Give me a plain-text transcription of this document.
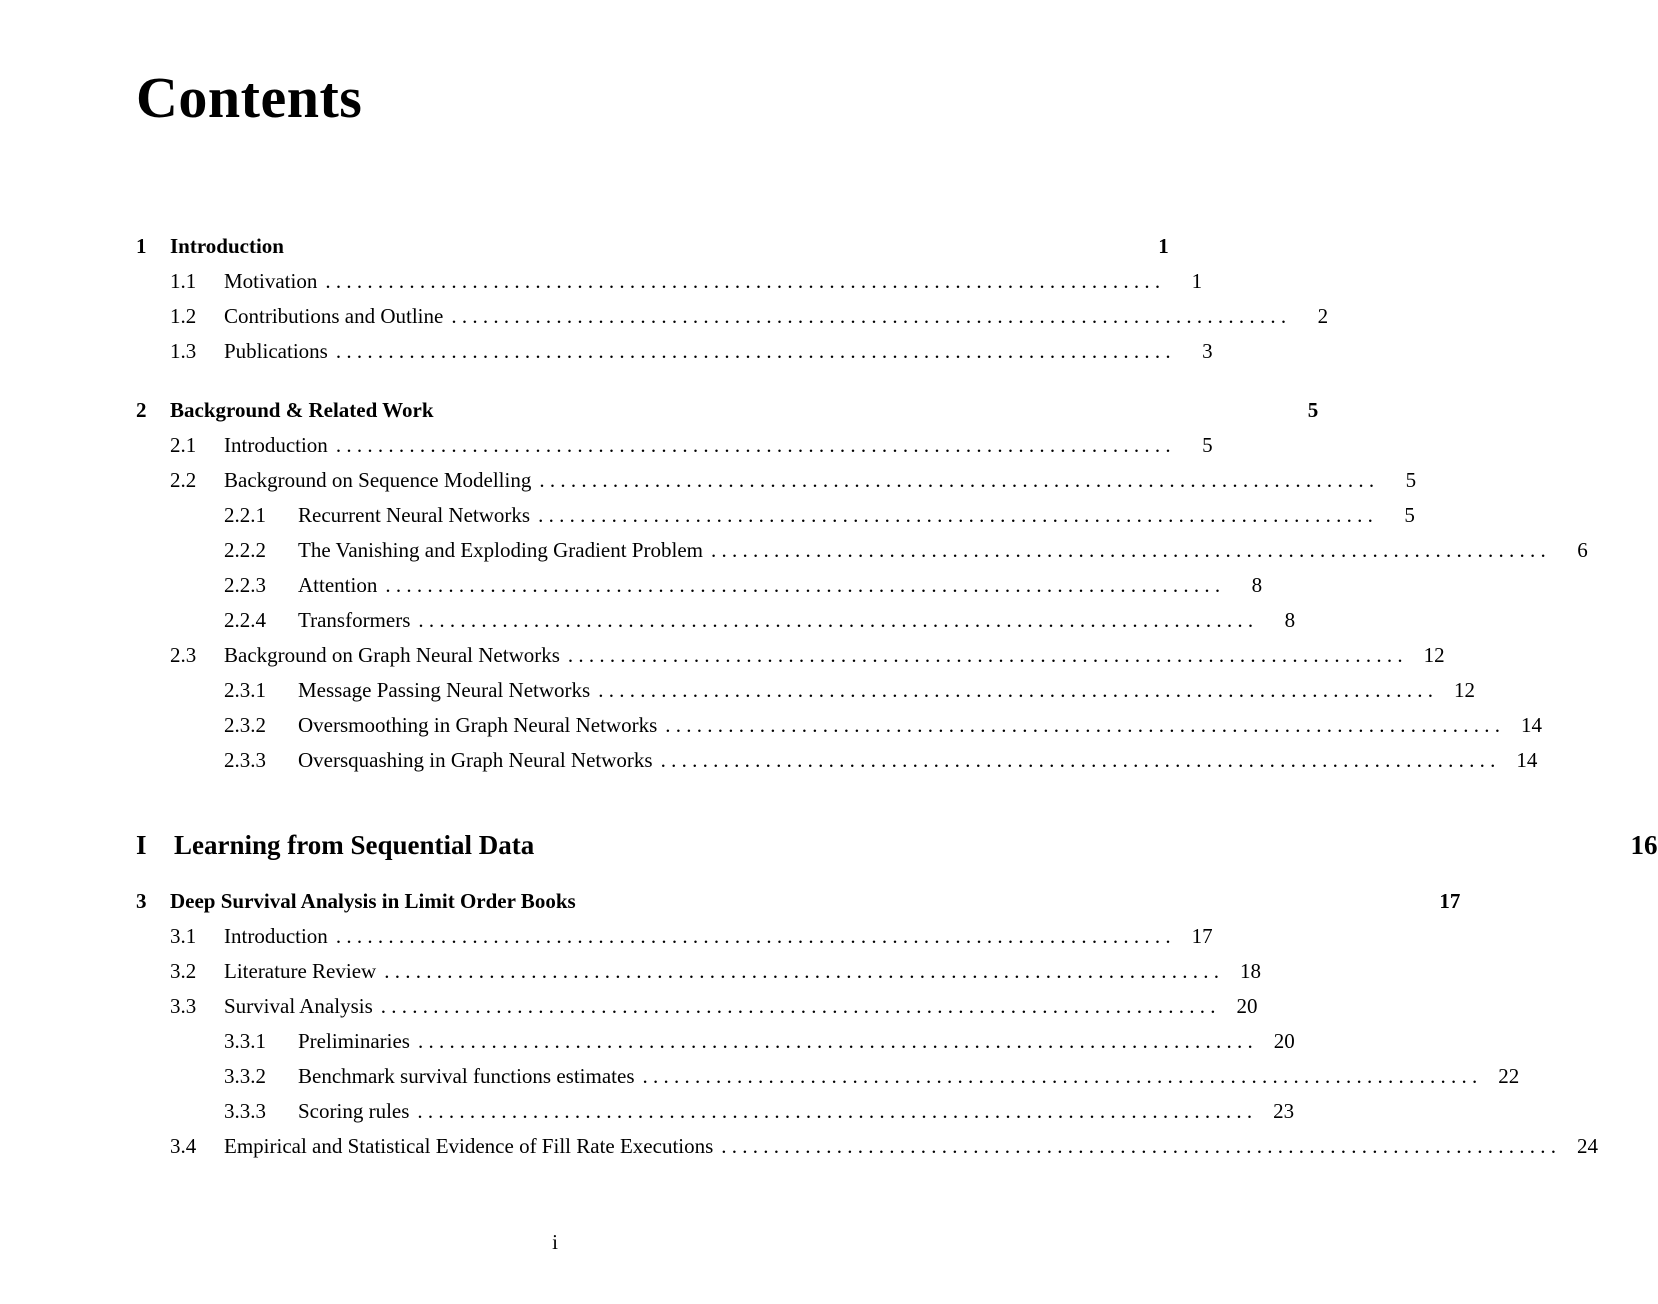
Contents
1	Introduction	1
1.1	Motivation . . . . . . . . . . . . . . . . . . . . . . . . . . . . . . . . . . . . . . . . . . . . . . . . . . . . . . . . . . . . . . . . . . . . . . . . . . . . . . . .	1
1.2	Contributions and Outline . . . . . . . . . . . . . . . . . . . . . . . . . . . . . . . . . . . . . . . . . . . . . . . . . . . . . . . . . . . . . . . . . . . . . . . . . . . . . . . .	2
1.3	Publications . . . . . . . . . . . . . . . . . . . . . . . . . . . . . . . . . . . . . . . . . . . . . . . . . . . . . . . . . . . . . . . . . . . . . . . . . . . . . . . .	3
2	Background & Related Work	5
2.1	Introduction . . . . . . . . . . . . . . . . . . . . . . . . . . . . . . . . . . . . . . . . . . . . . . . . . . . . . . . . . . . . . . . . . . . . . . . . . . . . . . . .	5
2.2	Background on Sequence Modelling . . . . . . . . . . . . . . . . . . . . . . . . . . . . . . . . . . . . . . . . . . . . . . . . . . . . . . . . . . . . . . . . . . . . . . . . . . . . . . . .	5
2.2.1	Recurrent Neural Networks . . . . . . . . . . . . . . . . . . . . . . . . . . . . . . . . . . . . . . . . . . . . . . . . . . . . . . . . . . . . . . . . . . . . . . . . . . . . . . . .	5
2.2.2	The Vanishing and Exploding Gradient Problem . . . . . . . . . . . . . . . . . . . . . . . . . . . . . . . . . . . . . . . . . . . . . . . . . . . . . . . . . . . . . . . . . . . . . . . . . . . . . . . .	6
2.2.3	Attention . . . . . . . . . . . . . . . . . . . . . . . . . . . . . . . . . . . . . . . . . . . . . . . . . . . . . . . . . . . . . . . . . . . . . . . . . . . . . . . .	8
2.2.4	Transformers . . . . . . . . . . . . . . . . . . . . . . . . . . . . . . . . . . . . . . . . . . . . . . . . . . . . . . . . . . . . . . . . . . . . . . . . . . . . . . . .	8
2.3	Background on Graph Neural Networks . . . . . . . . . . . . . . . . . . . . . . . . . . . . . . . . . . . . . . . . . . . . . . . . . . . . . . . . . . . . . . . . . . . . . . . . . . . . . . . .	12
2.3.1	Message Passing Neural Networks . . . . . . . . . . . . . . . . . . . . . . . . . . . . . . . . . . . . . . . . . . . . . . . . . . . . . . . . . . . . . . . . . . . . . . . . . . . . . . . .	12
2.3.2	Oversmoothing in Graph Neural Networks . . . . . . . . . . . . . . . . . . . . . . . . . . . . . . . . . . . . . . . . . . . . . . . . . . . . . . . . . . . . . . . . . . . . . . . . . . . . . . . .	14
2.3.3	Oversquashing in Graph Neural Networks . . . . . . . . . . . . . . . . . . . . . . . . . . . . . . . . . . . . . . . . . . . . . . . . . . . . . . . . . . . . . . . . . . . . . . . . . . . . . . . .	14
I	Learning from Sequential Data	16
3	Deep Survival Analysis in Limit Order Books	17
3.1	Introduction . . . . . . . . . . . . . . . . . . . . . . . . . . . . . . . . . . . . . . . . . . . . . . . . . . . . . . . . . . . . . . . . . . . . . . . . . . . . . . . .	17
3.2	Literature Review . . . . . . . . . . . . . . . . . . . . . . . . . . . . . . . . . . . . . . . . . . . . . . . . . . . . . . . . . . . . . . . . . . . . . . . . . . . . . . . .	18
3.3	Survival Analysis . . . . . . . . . . . . . . . . . . . . . . . . . . . . . . . . . . . . . . . . . . . . . . . . . . . . . . . . . . . . . . . . . . . . . . . . . . . . . . . .	20
3.3.1	Preliminaries . . . . . . . . . . . . . . . . . . . . . . . . . . . . . . . . . . . . . . . . . . . . . . . . . . . . . . . . . . . . . . . . . . . . . . . . . . . . . . . .	20
3.3.2	Benchmark survival functions estimates . . . . . . . . . . . . . . . . . . . . . . . . . . . . . . . . . . . . . . . . . . . . . . . . . . . . . . . . . . . . . . . . . . . . . . . . . . . . . . . .	22
3.3.3	Scoring rules . . . . . . . . . . . . . . . . . . . . . . . . . . . . . . . . . . . . . . . . . . . . . . . . . . . . . . . . . . . . . . . . . . . . . . . . . . . . . . . .	23
3.4	Empirical and Statistical Evidence of Fill Rate Executions . . . . . . . . . . . . . . . . . . . . . . . . . . . . . . . . . . . . . . . . . . . . . . . . . . . . . . . . . . . . . . . . . . . . . . . . . . . . . . . .	24
i
